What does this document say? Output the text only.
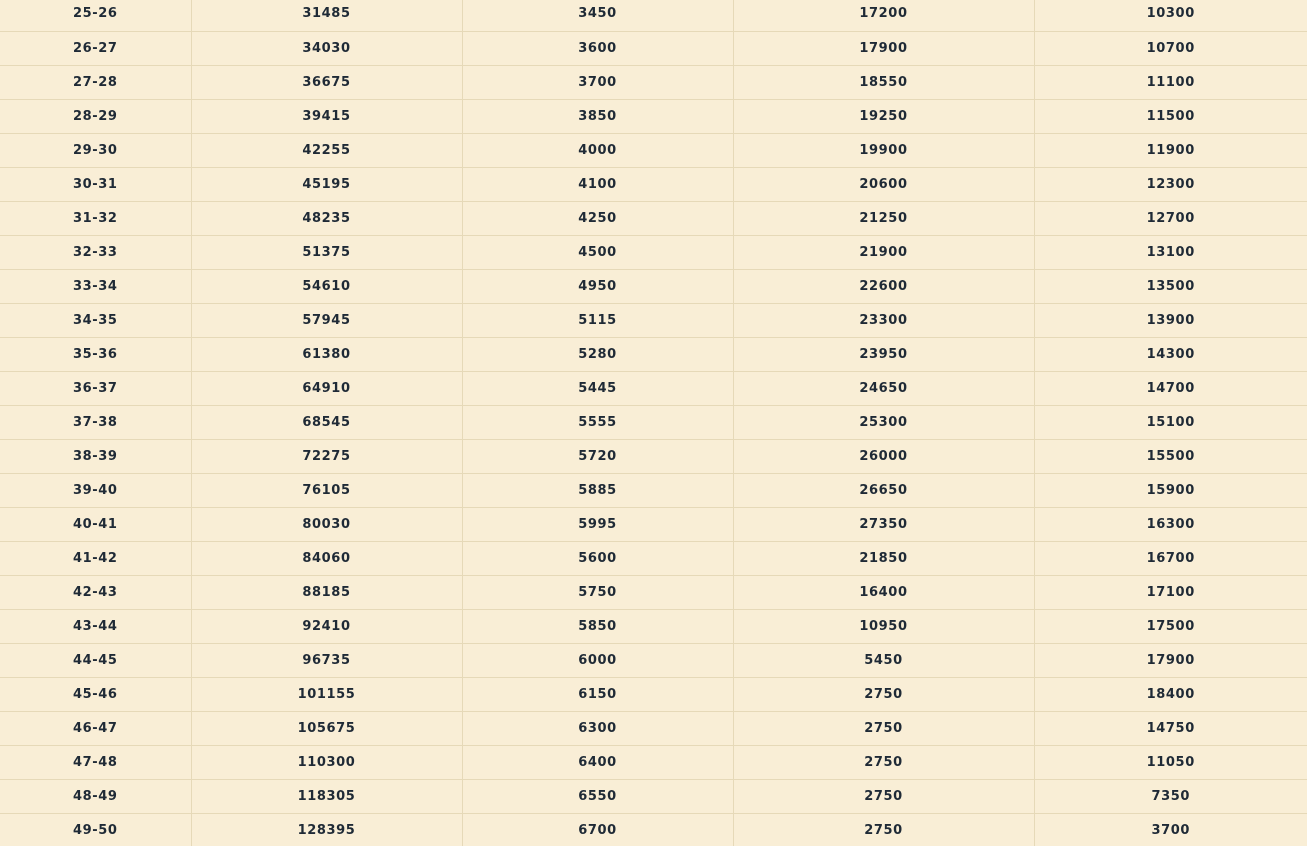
25-26	31485	3450	17200	10300
26-27	34030	3600	17900	10700
27-28	36675	3700	18550	11100
28-29	39415	3850	19250	11500
29-30	42255	4000	19900	11900
30-31	45195	4100	20600	12300
31-32	48235	4250	21250	12700
32-33	51375	4500	21900	13100
33-34	54610	4950	22600	13500
34-35	57945	5115	23300	13900
35-36	61380	5280	23950	14300
36-37	64910	5445	24650	14700
37-38	68545	5555	25300	15100
38-39	72275	5720	26000	15500
39-40	76105	5885	26650	15900
40-41	80030	5995	27350	16300
41-42	84060	5600	21850	16700
42-43	88185	5750	16400	17100
43-44	92410	5850	10950	17500
44-45	96735	6000	5450	17900
45-46	101155	6150	2750	18400
46-47	105675	6300	2750	14750
47-48	110300	6400	2750	11050
48-49	118305	6550	2750	7350
49-50	128395	6700	2750	3700
